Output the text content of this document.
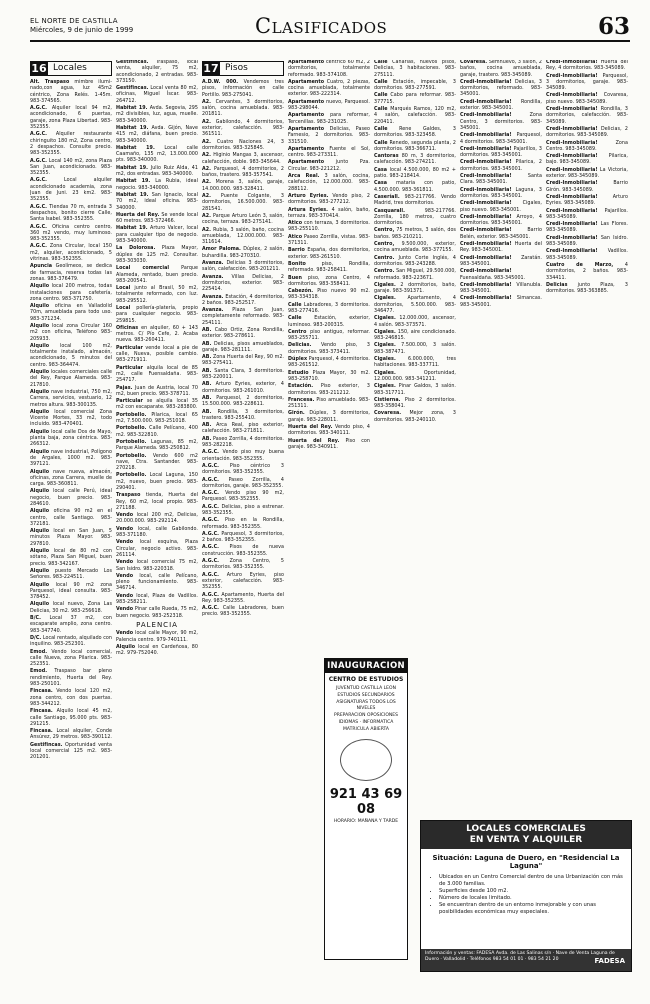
EL NORTE DE CASTILLA
Miércoles, 9 de junio de 1999	Clasificados	63
16 Locales

Alt. Traspaso mimbre ilumi-nado,con agua, luz 45m2 céntrico, Zona Relés. 1-45m. 983-374565.

A.G.C. Alquiler local 94 m2, acondicionado, 6 puertas, garaje, zona Plaza Libertad. 983-352355.

A.G.C. Alquiler restaurante chiringuito 180 m2, Zona centro, 2 despachos. Consulte precio. 983-352355.

A.G.C. Local 140 m2, zona Plaza San Juan, acondicionado. 983-352355.

A.G.C.	Local alquiler acondicionado academia, zona Juan de Juni. 23 km2. 983-352355.

A.G.C. Tiendas 70 m, entrada 3 despachos, bonito cierre Calle, Santa Isabel. 983-352355.

A.G.C. Oficina centro centro, 360 m2 vendo, muy luminoso. 983-352355.

A.G.C. Zona Circular, local 150 m2, alquiler, acondicionado, 5 vitrinas. 983-352355.

Apuncia Geolímeos, se dedica de farmacia, reserva todas las zonas. 983-376479.

Alquilo local 200 metros, todas instalaciones para cafetería, zona centro. 983-371750.

Alquilo oficina en Valladolid 70m, amueblada para todo uso. 983-371234.

Alquilo local zona Circular 160 m2 con oficina, Teléfono 983-205933.

Alquilo local 100 m2, totalmente instalado, almacén, acondicionado, 5 minutos del centro. 983-364474.

Alquilo locales comerciales calle del Rey, Parque Alameda. 983-217810.

Alquilo nave industrial, 750 m2, Carrera, servicios, vestuario, 12 metros altura. 983-300135.

Alquilo local comercial Zona Vicente Mortes, 33 m2, todo incluido. 983-470401.

Alquilo local calle Dos de Mayo, planta baja, zona céntrica. 983-266312.

Alquilo nave industrial, Polígono de Argales, 1000 m2. 983-397121.

Alquilo nave nueva, almacén, oficinas, zona Carrera, muelle de carga. 983-360811.

Alquilo local calle Perú, ideal negocio, buen precio. 983-284610.

Alquilo oficina 90 m2 en el centro, calle Santiago. 983-372181.

Alquilo local en San Juan, 5 minutos Plaza Mayor. 983-297810.

Alquilo local de 80 m2 con sótano, Plaza San Miguel, buen precio. 983-342167.

Alquilo puesto Mercado Los Señores. 983-224511.

Alquilo local 90 m2 zona Parquesol, ideal consulta. 983-378452.

Alquilo local nuevo, Zona Las Delicias, 30 m2. 983-256618.

B/C. Local 37 m2, con escaparate amplio, zona centro. 983-347740.

D/C. Local rentado, alquilado con inquilino. 983-252301.

Emod. Vendo local comercial, calle Nueva, zona Pilarica. 983-252351.

Emod. Traspaso bar pleno rendimiento, Huerta del Rey. 983-250101.

Fincasa. Vendo local 120 m2, zona centro, con dos puertas. 983-344212.

Fincasa. Alquilo local 45 m2, calle Santiago, 95.000 pts. 983-291215.

Fincasa. Local alquiler, Conde Ansúrez, 29 metros. 983-390112.

Gestifincas. Oportunidad venta local comercial 125 m2. 983-201201.

Gestifincas. Traspaso, local venta, alquiler, 75 m2, acondicionado, 2 entradas. 983-373150.

Gestifincas. Local venta 80 m2, oficinas, Miguel Íscar. 983-264712.

Habitat 19. Avda. Segovia, 295 m2 divisibles, luz, agua, muelle. 983-340000.

Habitat 19. Avda. Gijón, Nave 415 m2, diáfana, buen precio. 983-340000.

Habitat 19. Local calle Caamaño, 135 m2, 13.000.000 pts. 983-340000.

Habitat 19. Julio Ruiz Alda, 41 m2, dos entradas. 983-340000.

Habitat 19. La Rubia, ideal negocio. 983-340000.

Habitat 19. San Ignacio, local 70 m2, ideal oficina. 983-340000.

Huerta del Rey. Se vende local 60 metros. 983-372466.

Habitat 19. Arturo Valcer, local para cualquier tipo de negocio. 983-340000.

La Dolorosa. Plaza Mayor, dúplex de 125 m2. Consultar. 983-303030.

Local comercial	Parque Alameda, rentado, buen precio. 983-200541.

Local junto al Brasil, 50 m2, totalmente reformado, con luz. 983-295512.

Local pollería-platería, propio para cualquier negocio. 983-259815.

Oficinas en alquiler, 60 + 143 metros. C/ Pío Cefe, 2. Acaba nueva. 983-260411.

Particular vende local a pie de calle, Nueva, posible cambio. 983-271911.

Particular alquila local de 85 m2, calle Fuensaldaña. 983-254717.

Pajas. Juan de Austria, local 70 m2, buen precio. 983-378711.

Particular se alquila local 35 m2 con escaparate. 983-283800.

Portobello. Pilarica, local 65 m2, 7.500.000. 983-251018.

Portobello. Calle Pelícano, 400 m2. 983-322810.

Portobello. Lagunas, 85 m2, Parque Alameda. 983-250812.

Portobello. Vendo 600 m2 nave, Ctra. Santander. 983-270218.

Portobello. Local Laguna, 150 m2, nuevo, buen precio. 983-290401.

Traspaso tienda, Huerta del Rey, 60 m2, local propio. 983-271188.

Vendo local 200 m2, Delicias, 20.000.000. 983-292114.

Vendo local, calle Gabilondo. 983-371180.

Vendo local esquina, Plaza Circular, negocio activo. 983-261114.

Vendo local comercial 75 m2, San Isidro. 983-220318.

Vendo local, calle Pelícano, pleno funcionamiento. 983-346714.

Vendo local, Plaza de Vadillos. 983-258211.

Vendo Pinar calle Rueda, 75 m2, buen negocio. 983-252318.

PALENCIA

Vendo local calle Mayor, 90 m2, Palencia centro. 979-740111.

Alquilo local en Cardeñosa, 80 m2. 979-752040.

17 Pisos

A.D.W. 000. Vendemos tres pisos, información en calle Portillo. 983-275041.

A2. Cervantes, 3 dormitorios, salón, cocina amueblada. 983-201811.

A2. Gabilondo, 4 dormitorios, exterior, calefacción. 983-361511.

A2. Cuatro Naciones 24, 3 dormitorios. 983-325845.

A2. Higinio Mangas 3, ascensor, calefacción, doble. 983-345644.

A2. Parquesol, 4 dormitorios, 2 baños, trastero. 983-357541.

A2. Morena 3, salón, garaje, 14.000.000. 983-328411.

A2. Puente Colgante, 3 dormitorios, 16.500.000. 983-281541.

A2. Parque Arturo León 3, salón, cocina, terraza. 983-275141.

A2. Rubia, 3 salón, baño, cocina amueblada, 12.000.000. 983-311614.

Amor Paloma. Dúplex, 2 salón, buhardilla. 983-270310.

Avanza. Delicias 3 dormitorios, salón, calefacción. 983-201211.

Avanza. Villas Delicias, 2 dormitorios, exterior. 983-225414.

Avanza. Estación, 4 dormitorios, 2 baños. 983-252517.

Avanza. Plaza San Juan, completamente reformado. 983-254111.

AB. Cabo Ortiz, Zona Rondilla, exterior. 983-278611.

AB. Delicias, pisos amueblados, garaje. 983-281111.

AB. Zona Huerta del Rey, 90 m2. 983-275411.

AB. Santa Clara, 3 dormitorios. 983-220011.

AB. Arturo Eyries, exterior, 4 dormitorios. 983-261010.

AB. Parquesol, 2 dormitorios, 15.500.000. 983-228611.

AB. Rondilla, 3 dormitorios, trastero. 983-255410.

AB. Arca Real, piso exterior, calefacción. 983-271811.

AB. Paseo Zorrilla, 4 dormitorios. 983-282218.

A.G.C. Vendo piso muy buena orientación. 983-352355.

A.G.C. Piso céntrico 3 dormitorios. 983-352355.

A.G.C. Paseo Zorrilla, 4 dormitorios, garaje. 983-352355.

A.G.C. Vendo piso 90 m2, Parquesol. 983-352355.

A.G.C. Delicias, piso a estrenar. 983-352355.

A.G.C. Piso en la Rondilla, reformado. 983-352355.

A.G.C. Parquesol, 3 dormitorios, 2 baños. 983-352355.

A.G.C. Pisos de nueva construcción. 983-352355.

A.G.C. Zona Centro, 5 dormitorios. 983-352355.

A.G.C. Arturo Eyries, piso exterior, calefacción. 983-352355.

A.G.C. Apartamento, Huerta del Rey. 983-352355.

A.G.C. Calle Labradores, buen precio. 983-352355.

Apartamento céntrico 60 m2, 2 dormitorios, totalmente reformado. 983-374108.

Apartamento Cuatro, 2 piezas, cocina amueblada, totalmente exterior. 983-222314.

Apartamento nuevo, Parquesol. 983-298044.

Apartamento para reformar, Tercenillas. 983-231025.

Apartamento Delicias, Paseo Farnesio, 2 dormitorios. 983-331510.

Apartamento Fuente el Sol, centro. 983-273311.

Apartamento junto Pza. Circular. 983-221212.

Arca Real. 3 salón, cocina, calefacción, 12.000.000. 983-288112.

Arturo Eyries. Vendo piso, 2 dormitorios. 983-277212.

Artura Eyries. 4 salón, baño, terraza. 983-370414.

Atico con terraza, 3 dormitorios. 983-255110.

Atico Paseo Zorrilla, vistas. 983-371311.

Barrio España, dos dormitorios, exterior. 983-261510.

Bonito	piso, Rondilla, reformado. 983-258411.

Buen piso, zona Centro, 4 dormitorios. 983-358411.

Cabezón. Piso nuevo 90 m2. 983-334318.

Calle Labradores, 3 dormitorios. 983-277416.

Calle	Estación, exterior, luminoso. 983-200315.

Centro piso antiguo, reformar. 983-255711.

Delicias. Vendo piso, 3 dormitorios. 983-373411.

Dúplex Parquesol, 4 dormitorios. 983-261512.

Estudio Plaza Mayor, 30 m2. 983-258710.

Estación. Piso exterior, 3 dormitorios. 983-211212.

Francesa. Piso amueblado. 983-251311.

Girón. Dúplex, 3 dormitorios, garaje. 983-228011.

Huerta del Rey. Vendo piso, 4 dormitorios. 983-340111.

Huerta del Rey. Piso con garaje. 983-340911.

Calle Canarias, nuevos pisos, Delicias, 3 habitaciones. 983-275111.

Calle Estación, impecable, 3 dormitorios. 983-277591.

Calle Cabo para reformar. 983-377715.

Calle Marqués Ramos, 120 m2, 4 salón, calefacción. 983-220411.

Calle Rene Galdes, 3 dormitorios. 983-323458.

Calle Renedo, segunda planta, 2 dormitorios. 983-366711.

Cantoras 80 m, 3 dormitorios, calefacción. 983-274211.

Casa local 4.500.000, 80 m2 + patio. 983-218414.

Casa mataria con patio, 4.500.000. 983-361811.

Caseríall. 983-217766. Vendo Madrid, tres dormitorios.

Casquarall.	983-217766. Zorrilla, 180 metros, cuatro dormitorios.

Centro, 75 metros, 3 salón, dos baños. 983-210211.

Centro, 9.500.000, exterior, cocina amueblada. 983-377155.

Centro. Junto Corte Inglés, 4 dormitorios. 983-243288.

Centro. San Miguel, 29.500.000, reformado. 983-223671.

Cigales. 2 dormitorios, baño, garaje. 983-391371.

Cigales. Apartamento, 4 dormitorios, 5.500.000. 983-346477.

Cigales. 12.000.000, ascensor, 4 salón. 983-373571.

Cigales. 150, aire condicionado. 983-246815.

Cigales. 7.500.000, 3 salón. 983-387471.

Cigales.	6.000.000, tres habitaciones. 983-337711.

Cigales.	Oportunidad, 12.000.000. 983-341211.

Cigales. Pinar Galdos, 3 salón. 983-317711.

Cistierna. Piso 2 dormitorios. 983-358041.

Covaresa. Mejor zona, 3 dormitorios. 983-240110.

Covaresa. Semnuevo, 3 salón, 2 baños, cocina amueblada, garaje, trastero. 983-345089.

Credi-Inmobiliaria! Delicias, 3 dormitorios, reformado. 983-345001.

Credi-Inmobiliaria! Rondilla, exterior. 983-345001.

Credi-Inmobiliaria!	Zona Centro, 3 dormitorios. 983-345001.

Credi-Inmobiliaria! Parquesol, 4 dormitorios. 983-345001.

Credi-Inmobiliaria! Pajarillos, 3 dormitorios. 983-345001.

Credi-Inmobiliaria! Pilarica, 2 dormitorios. 983-345001.

Credi-Inmobiliaria!	Santa Clara. 983-345001.

Credi-Inmobiliaria! Laguna, 3 dormitorios. 983-345001.

Credi-Inmobiliaria! Cigales, piso nuevo. 983-345001.

Credi-Inmobiliaria! Arroyo, 4 dormitorios. 983-345001.

Credi-Inmobiliaria!	Barrio Belén, exterior. 983-345001.

Credi-Inmobiliaria! Huerta del Rey. 983-345001.

Credi-Inmobiliaria! Zaratán. 983-345001.

Credi-Inmobiliaria! Fuensaldaña. 983-345001.

Credi-Inmobiliaria! Villanubla. 983-345001.

Credi-Inmobiliaria! Simancas. 983-345001.

Credi-Inmobiliaria! Huerta del Rey, 4 dormitorios. 983-345089.

Credi-Inmobiliaria! Parquesol, 3 dormitorios, garaje. 983-345089.

Credi-Inmobiliaria! Covaresa, piso nuevo. 983-345089.

Credi-Inmobiliaria! Rondilla, 3 dormitorios, calefacción. 983-345089.

Credi-Inmobiliaria! Delicias, 2 dormitorios. 983-345089.

Credi-Inmobiliaria!	Zona Centro. 983-345089.

Credi-Inmobiliaria! Pilarica, bajo. 983-345089.

Credi-Inmobiliaria! La Victoria, exterior. 983-345089.

Credi-Inmobiliaria!	Barrio Girón. 983-345089.

Credi-Inmobiliaria!	Arturo Eyries. 983-345089.

Credi-Inmobiliaria! Pajarillos. 983-345089.

Credi-Inmobiliaria! Las Flores. 983-345089.

Credi-Inmobiliaria! San Isidro. 983-345089.

Credi-Inmobiliaria! Vadillos. 983-345089.

Cuatro de Marzo, 4 dormitorios, 2 baños. 983-334411.

Delicias junto Plaza, 3 dormitorios. 983-363885.

INAUGURACION
CENTRO DE ESTUDIOS
JUVENTUD CASTILLA LEON
ESTUDIOS SECUNDARIOS
ASIGNATURAS TODOS LOS NIVELES
PREPARACION OPOSICIONES
IDIOMAS · INFORMATICA
MATRICULA ABIERTA
921 43 69 08
HORARIO: MAÑANA Y TARDE
LOCALES COMERCIALES
EN VENTA Y ALQUILER
Situación: Laguna de Duero, en "Residencial La Laguna"
• Ubicados en un Centro Comercial dentro de una Urbanización con más de 3.000 familias.
• Superficies desde 100 m2.
• Número de locales limitado.
• Se encuentran dentro de un entorno inmejorable y con unas posibilidades económicas muy especiales.
Información y ventas: FADESA Avda. de Las Salinas s/n · Nave de Venta Laguna de Duero · Valladolid · Teléfonos 983 54 01 01 · 983 54 21 20	FADESA
